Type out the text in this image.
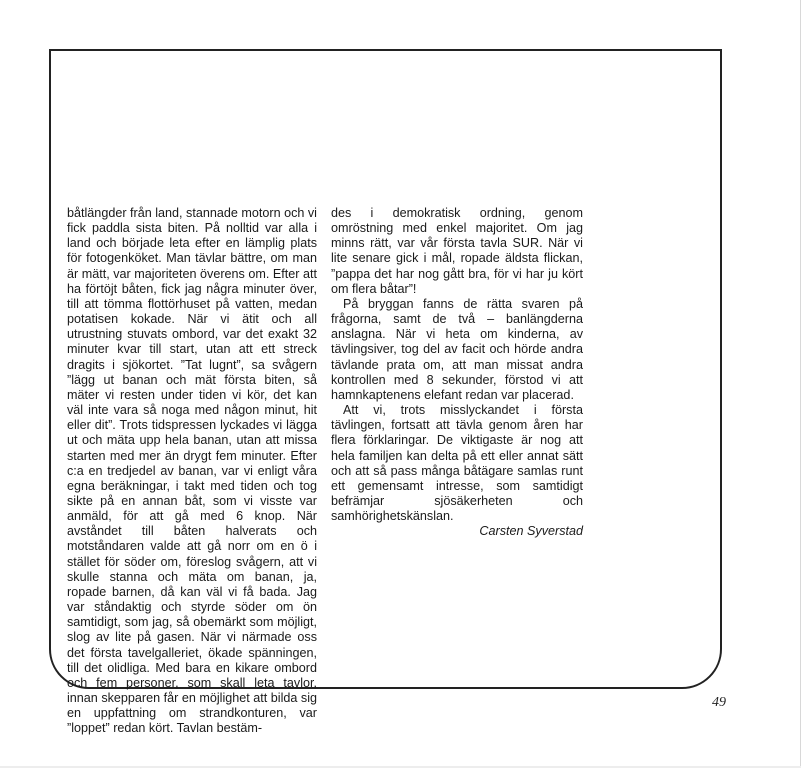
båtlängder från land, stannade motorn och vi fick paddla sista biten. På nolltid var alla i land och började leta efter en lämplig plats för fotogenköket. Man tävlar bättre, om man är mätt, var majoriteten överens om. Efter att ha förtöjt båten, fick jag några minuter över, till att tömma flottörhuset på vatten, medan potatisen kokade. När vi ätit och all utrustning stuvats ombord, var det exakt 32 minuter kvar till start, utan att ett streck dragits i sjökortet. ”Tat lugnt”, sa svågern ”lägg ut banan och mät första biten, så mäter vi resten under tiden vi kör, det kan väl inte vara så noga med någon minut, hit eller dit”. Trots tidspressen lyckades vi lägga ut och mäta upp hela banan, utan att missa starten med mer än drygt fem minuter. Efter c:a en tredjedel av banan, var vi enligt våra egna beräkningar, i takt med tiden och tog sikte på en annan båt, som vi visste var anmäld, för att gå med 6 knop. När avståndet till båten halverats och motståndaren valde att gå norr om en ö i stället för söder om, föreslog svågern, att vi skulle stanna och mäta om banan, ja, ropade barnen, då kan väl vi få bada. Jag var ståndaktig och styrde söder om ön samtidigt, som jag, så obemärkt som möjligt, slog av lite på gasen. När vi närmade oss det första tavelgalleriet, ökade spänningen, till det olidliga. Med bara en kikare ombord och fem personer, som skall leta tavlor, innan skepparen får en möjlighet att bilda sig en uppfattning om strandkonturen, var ”loppet” redan kört. Tavlan bestäm-

des i demokratisk ordning, genom omröstning med enkel majoritet. Om jag minns rätt, var vår första tavla SUR. När vi lite senare gick i mål, ropade äldsta flickan, ”pappa det har nog gått bra, för vi har ju kört om flera båtar”!

På bryggan fanns de rätta svaren på frågorna, samt de två – banlängderna anslagna. När vi heta om kinderna, av tävlingsiver, tog del av facit och hörde andra tävlande prata om, att man missat andra kontrollen med 8 sekunder, förstod vi att hamnkaptenens elefant redan var placerad.

Att vi, trots misslyckandet i första tävlingen, fortsatt att tävla genom åren har flera förklaringar. De viktigaste är nog att hela familjen kan delta på ett eller annat sätt och att så pass många båtägare samlas runt ett gemensamt intresse, som samtidigt befrämjar sjösäkerheten och samhörighetskänslan.

Carsten Syverstad

49
